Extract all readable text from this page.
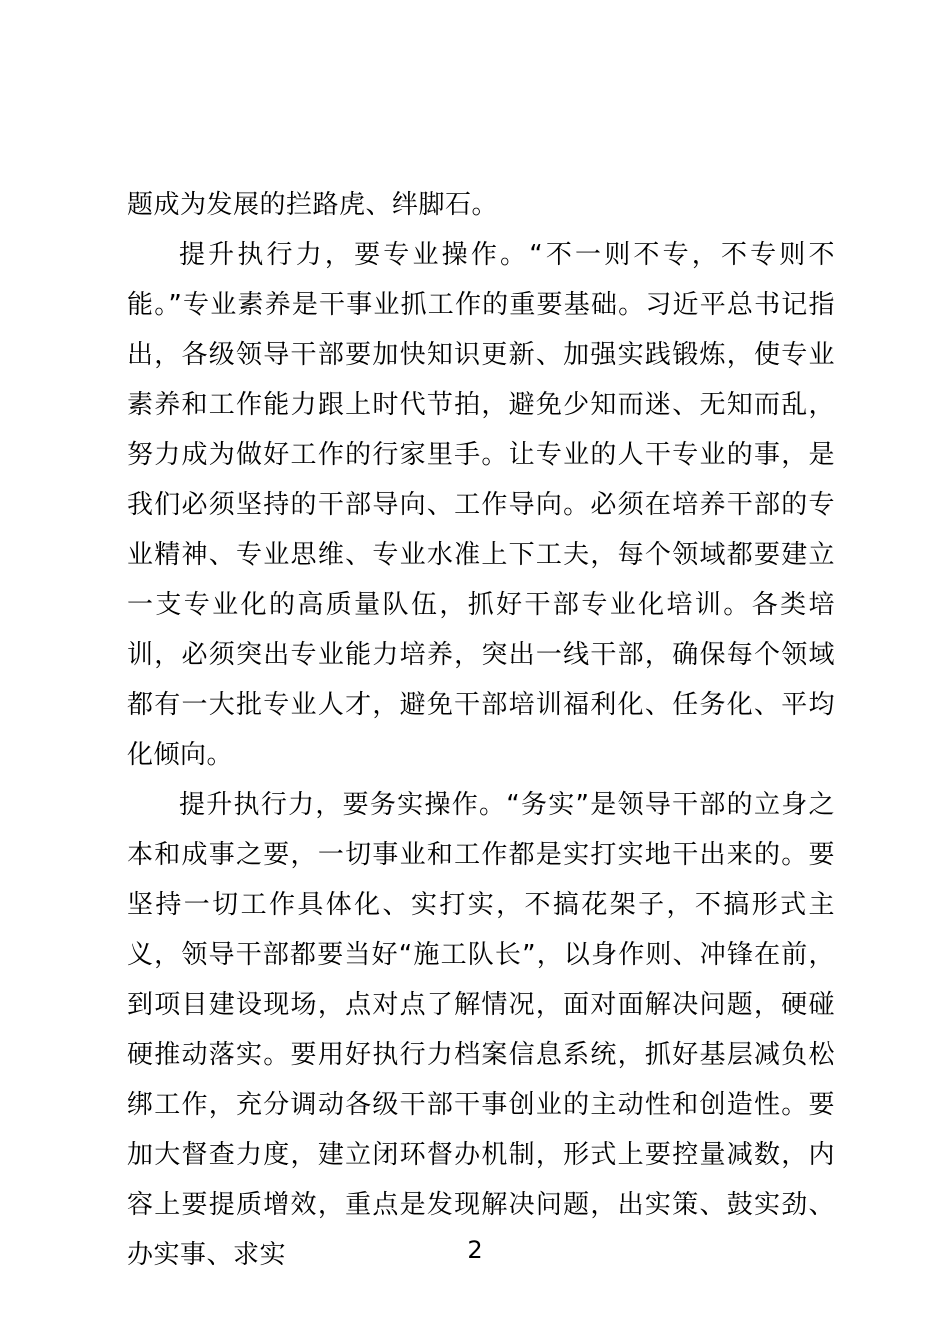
题成为发展的拦路虎、绊脚石。

提升执行力，要专业操作。“不一则不专，不专则不能。”专业素养是干事业抓工作的重要基础。习近平总书记指出，各级领导干部要加快知识更新、加强实践锻炼，使专业素养和工作能力跟上时代节拍，避免少知而迷、无知而乱，努力成为做好工作的行家里手。让专业的人干专业的事，是我们必须坚持的干部导向、工作导向。必须在培养干部的专业精神、专业思维、专业水准上下工夫，每个领域都要建立一支专业化的高质量队伍，抓好干部专业化培训。各类培训，必须突出专业能力培养，突出一线干部，确保每个领域都有一大批专业人才，避免干部培训福利化、任务化、平均化倾向。

提升执行力，要务实操作。“务实”是领导干部的立身之本和成事之要，一切事业和工作都是实打实地干出来的。要坚持一切工作具体化、实打实，不搞花架子，不搞形式主义，领导干部都要当好“施工队长”，以身作则、冲锋在前，到项目建设现场，点对点了解情况，面对面解决问题，硬碰硬推动落实。要用好执行力档案信息系统，抓好基层减负松绑工作，充分调动各级干部干事创业的主动性和创造性。要加大督查力度，建立闭环督办机制，形式上要控量减数，内容上要提质增效，重点是发现解决问题，出实策、鼓实劲、办实事、求实	2
